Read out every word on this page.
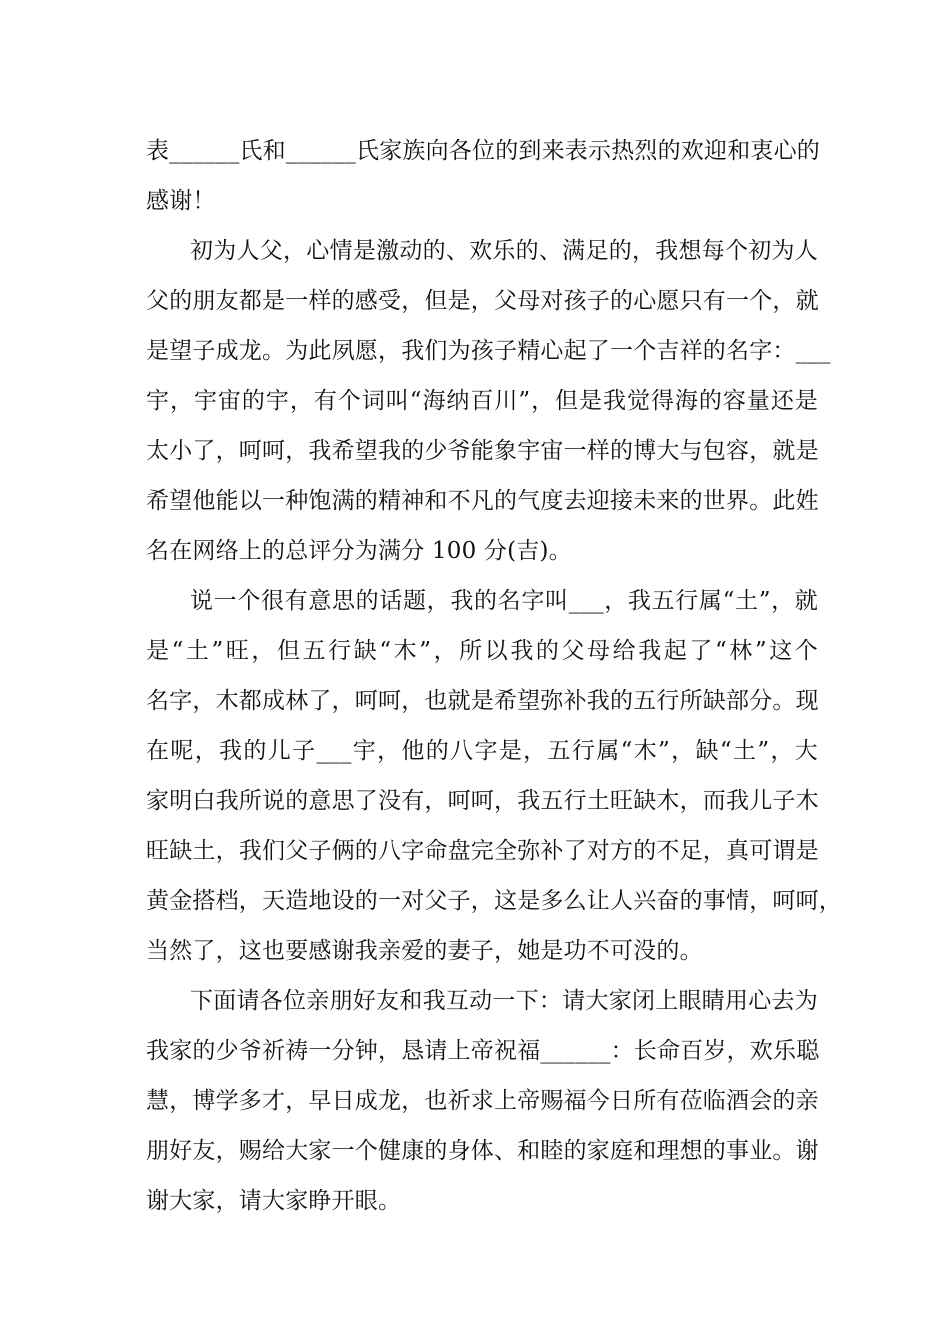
表______氏和______氏家族向各位的到来表示热烈的欢迎和衷心的
感谢！
初为人父，心情是激动的、欢乐的、满足的，我想每个初为人
父的朋友都是一样的感受，但是，父母对孩子的心愿只有一个，就
是望子成龙。为此夙愿，我们为孩子精心起了一个吉祥的名字：___
宇，宇宙的宇，有个词叫“海纳百川”，但是我觉得海的容量还是
太小了，呵呵，我希望我的少爷能象宇宙一样的博大与包容，就是
希望他能以一种饱满的精神和不凡的气度去迎接未来的世界。此姓
名在网络上的总评分为满分 100 分(吉)。
说一个很有意思的话题，我的名字叫___，我五行属“土”，就
是“土”旺，但五行缺“木”，所以我的父母给我起了“林”这个
名字，木都成林了，呵呵，也就是希望弥补我的五行所缺部分。现
在呢，我的儿子___宇，他的八字是，五行属“木”，缺“土”，大
家明白我所说的意思了没有，呵呵，我五行土旺缺木，而我儿子木
旺缺土，我们父子俩的八字命盘完全弥补了对方的不足，真可谓是
黄金搭档，天造地设的一对父子，这是多么让人兴奋的事情，呵呵，
当然了，这也要感谢我亲爱的妻子，她是功不可没的。
下面请各位亲朋好友和我互动一下：请大家闭上眼睛用心去为
我家的少爷祈祷一分钟，恳请上帝祝福______：长命百岁，欢乐聪
慧，博学多才，早日成龙，也祈求上帝赐福今日所有莅临酒会的亲
朋好友，赐给大家一个健康的身体、和睦的家庭和理想的事业。谢
谢大家，请大家睁开眼。
